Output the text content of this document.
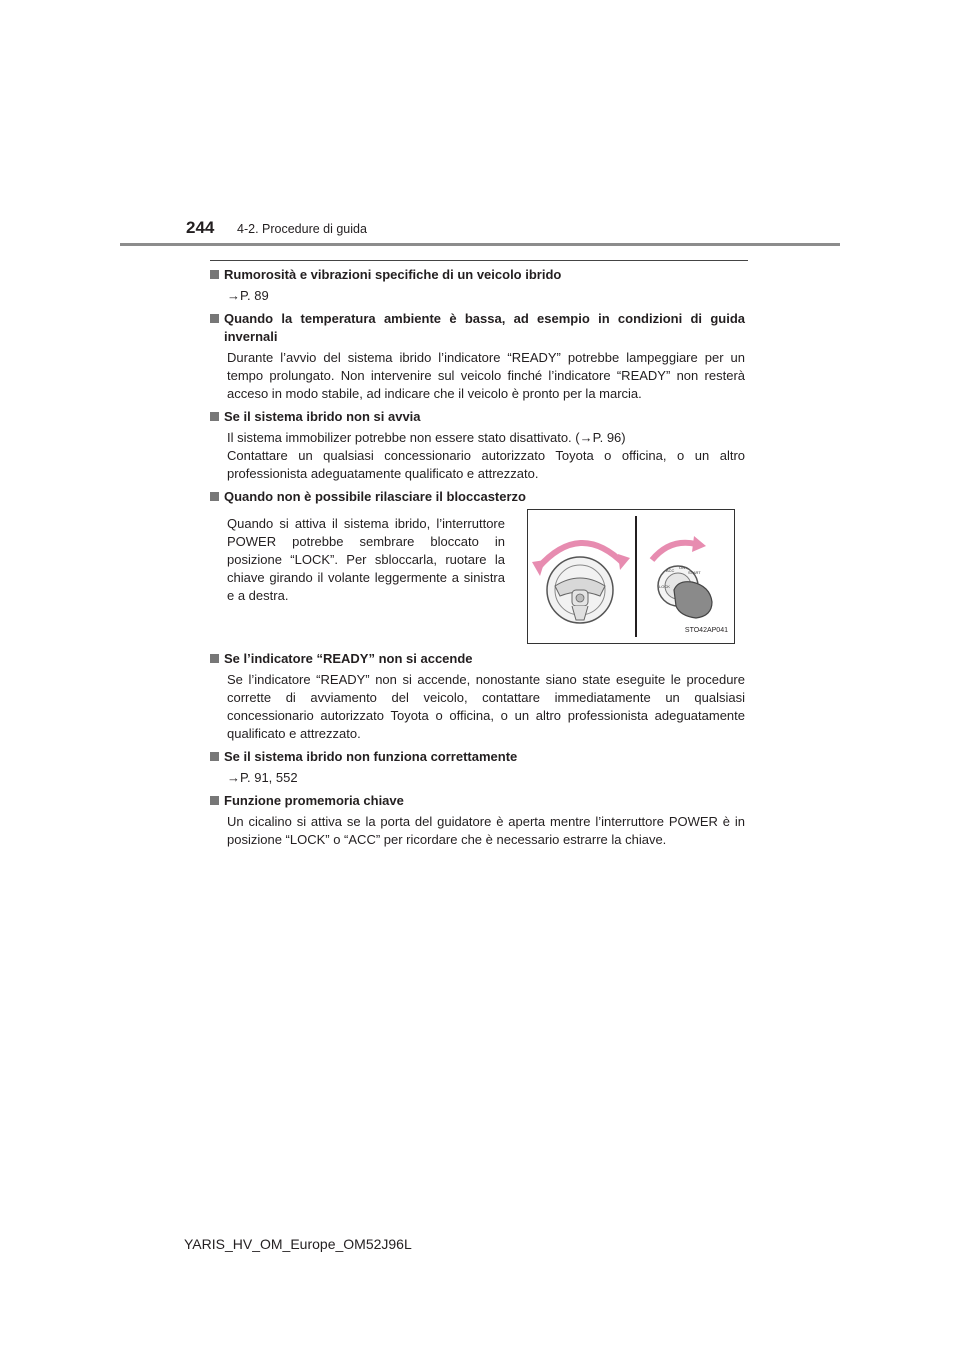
244 4-2. Procedure di guida
Rumorosità e vibrazioni specifiche di un veicolo ibrido
→P. 89
Quando la temperatura ambiente è bassa, ad esempio in condizioni di guida invernali
Durante l’avvio del sistema ibrido l’indicatore “READY” potrebbe lampeggiare per un tempo prolungato. Non intervenire sul veicolo finché l’indicatore “READY” non resterà acceso in modo stabile, ad indicare che il veicolo è pronto per la marcia.
Se il sistema ibrido non si avvia

Il sistema immobilizer potrebbe non essere stato disattivato. (→P. 96)

Contattare un qualsiasi concessionario autorizzato Toyota o officina, o un altro professionista adeguatamente qualificato e attrezzato.

Quando non è possibile rilasciare il bloccasterzo
Quando si attiva il sistema ibrido, l’interruttore POWER potrebbe sembrare bloccato in posizione “LOCK”. Per sbloccarla, ruotare la chiave girando il volante leggermente a sinistra e a destra.
LOCK
ACC
ON
START
STO42AP041
Se l’indicatore “READY” non si accende
Se l’indicatore “READY” non si accende, nonostante siano state eseguite le procedure corrette di avviamento del veicolo, contattare immediatamente un qualsiasi concessionario autorizzato Toyota o officina, o un altro professionista adeguatamente qualificato e attrezzato.
Se il sistema ibrido non funziona correttamente
→P. 91, 552
Funzione promemoria chiave
Un cicalino si attiva se la porta del guidatore è aperta mentre l’interruttore POWER è in posizione “LOCK” o “ACC” per ricordare che è necessario estrarre la chiave.
YARIS_HV_OM_Europe_OM52J96L
